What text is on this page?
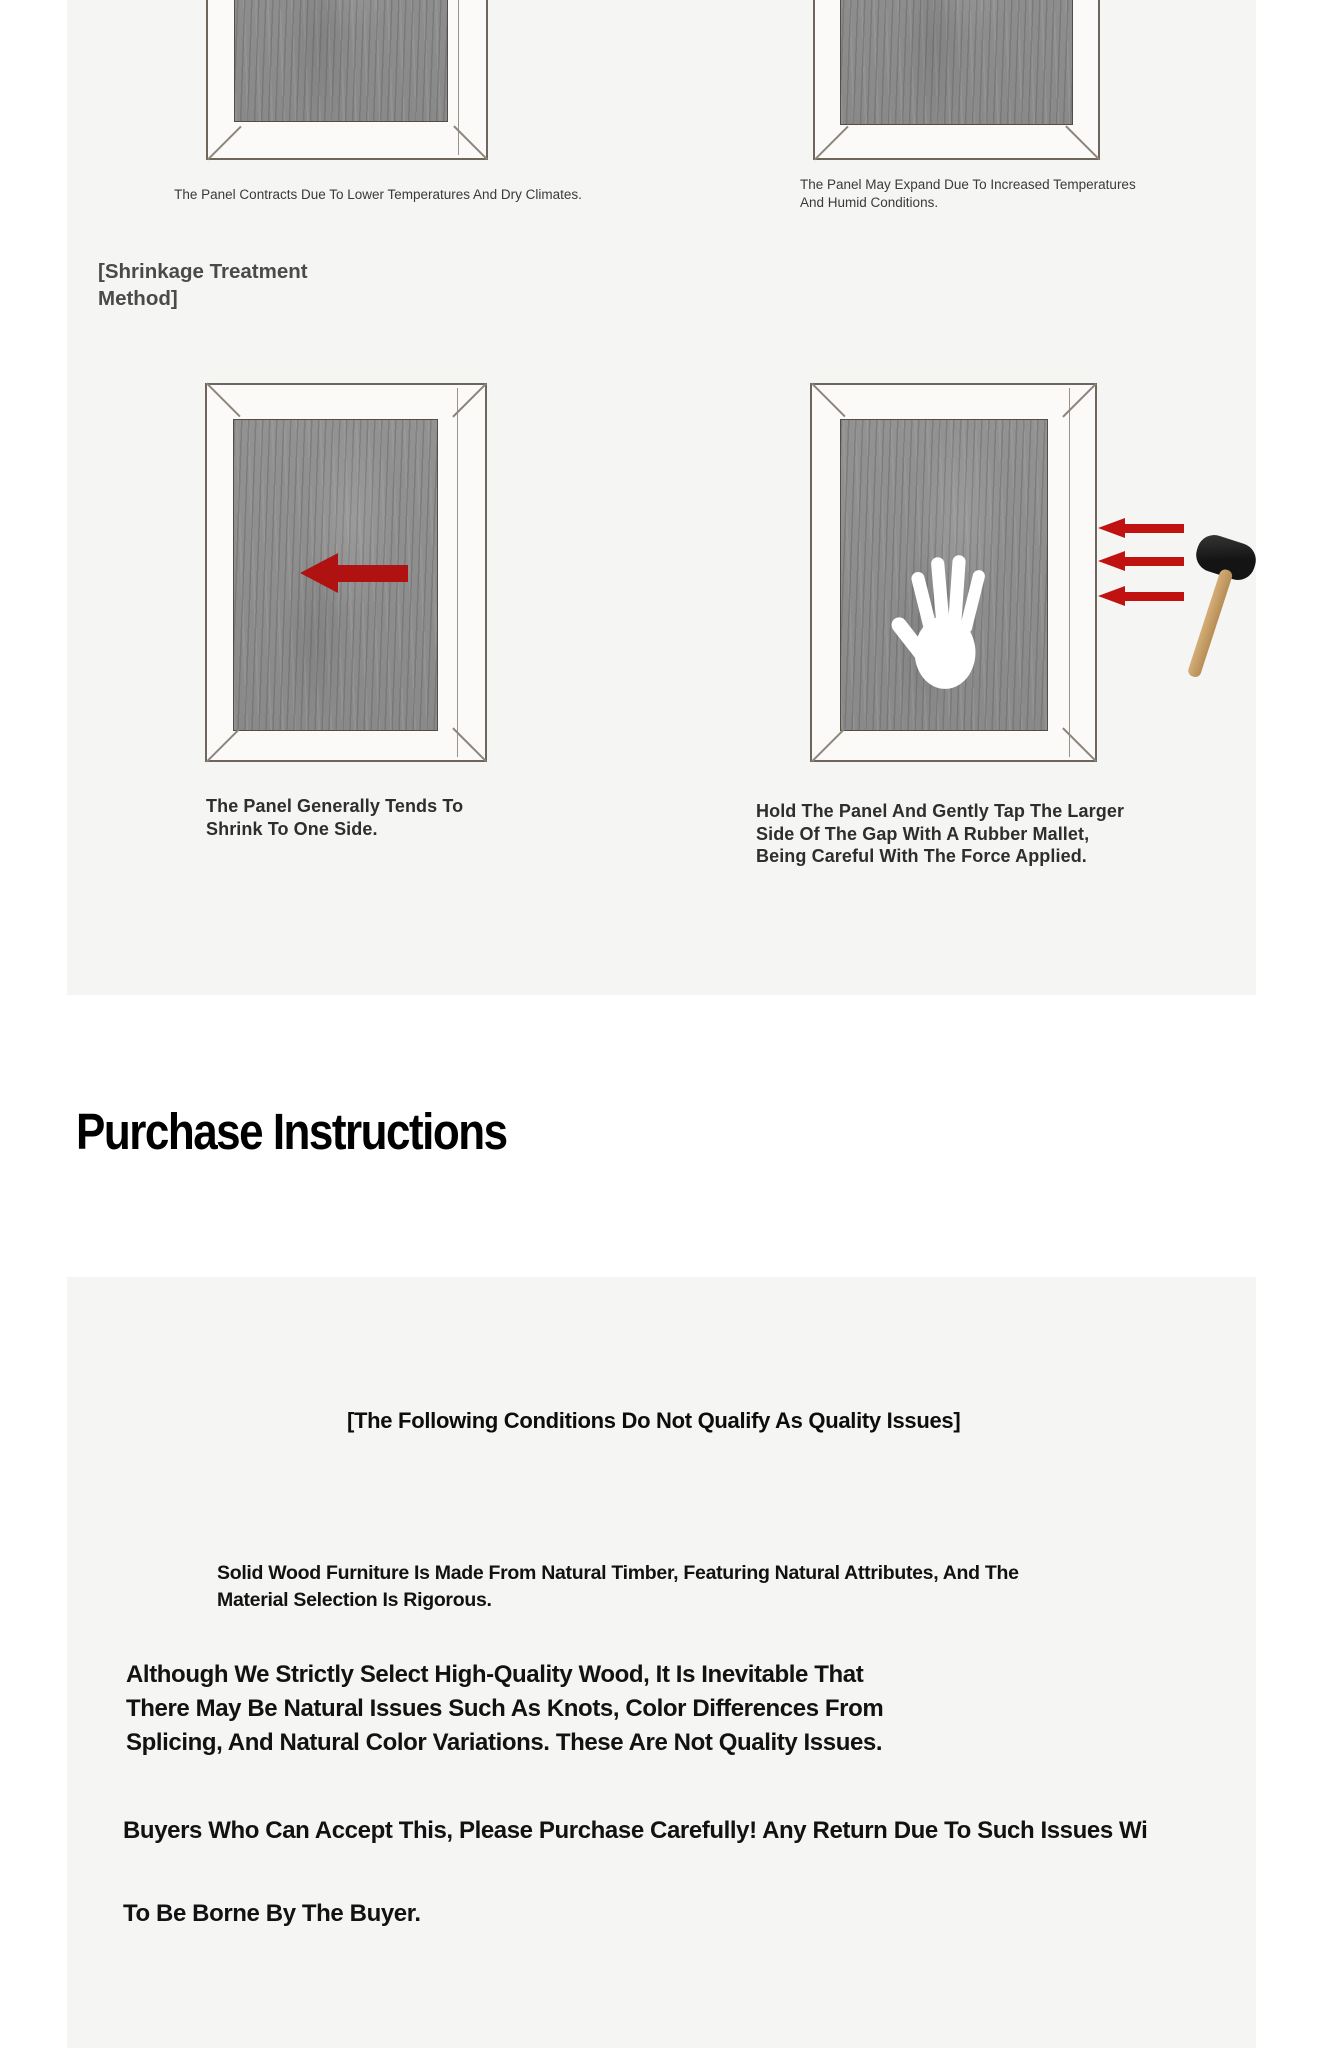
The Panel Contracts Due To Lower Temperatures And Dry Climates.
The Panel May Expand Due To Increased Temperatures
And Humid Conditions.
[Shrinkage Treatment
Method]
The Panel Generally Tends To
Shrink To One Side.
Hold The Panel And Gently Tap The Larger
Side Of The Gap With A Rubber Mallet,
Being Careful With The Force Applied.
Purchase Instructions
[The Following Conditions Do Not Qualify As Quality Issues]
Solid Wood Furniture Is Made From Natural Timber, Featuring Natural Attributes, And The
Material Selection Is Rigorous.
Although We Strictly Select High-Quality Wood, It Is Inevitable That
There May Be Natural Issues Such As Knots, Color Differences From
Splicing, And Natural Color Variations. These Are Not Quality Issues.
Buyers Who Can Accept This, Please Purchase Carefully! Any Return Due To Such Issues Wi
To Be Borne By The Buyer.
